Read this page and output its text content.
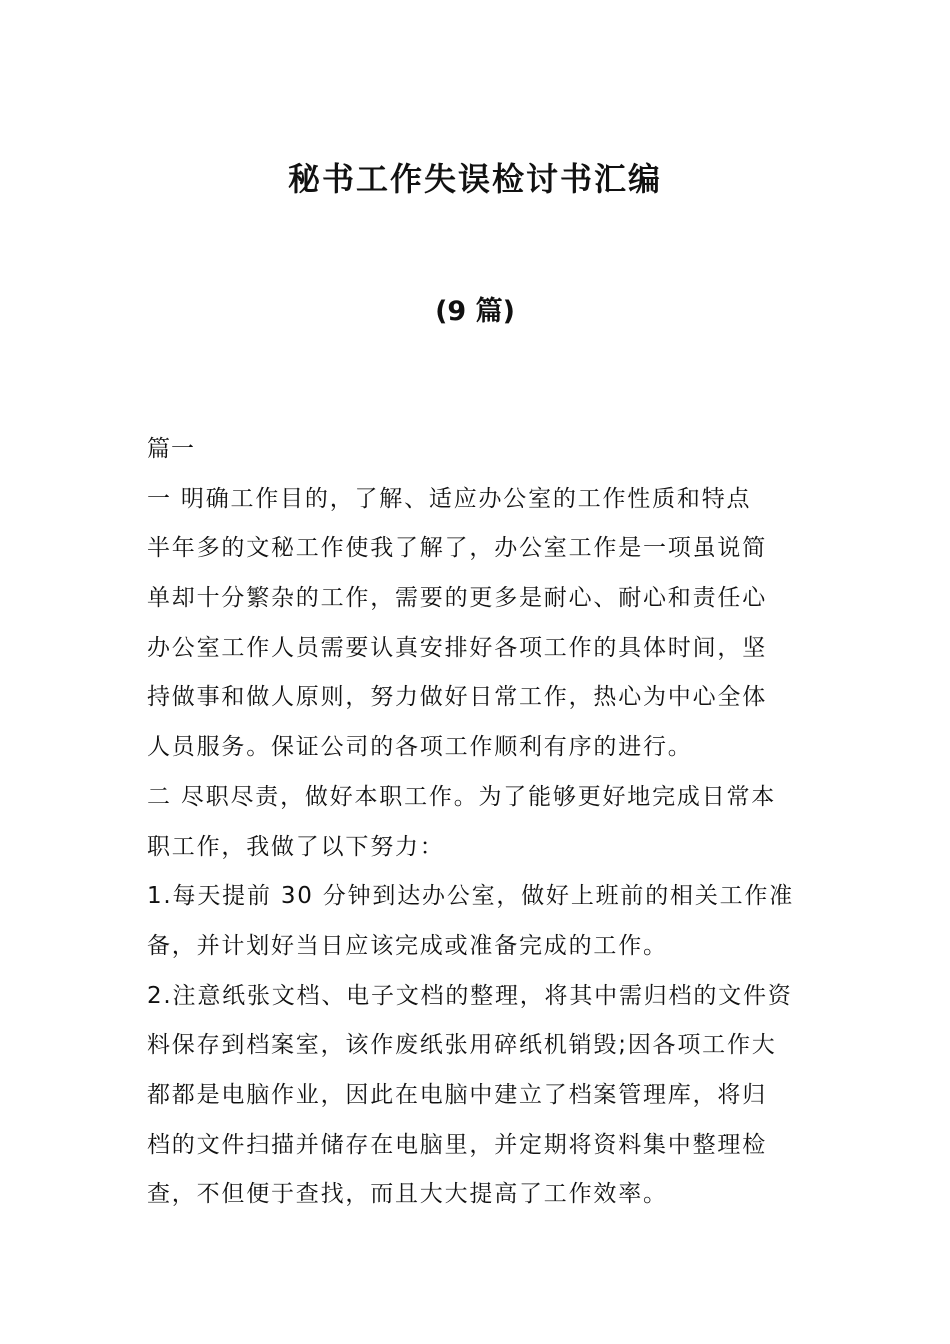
秘书工作失误检讨书汇编
(9 篇)

篇一

一 明确工作目的，了解、适应办公室的工作性质和特点

半年多的文秘工作使我了解了，办公室工作是一项虽说简

单却十分繁杂的工作，需要的更多是耐心、耐心和责任心

办公室工作人员需要认真安排好各项工作的具体时间，坚

持做事和做人原则，努力做好日常工作，热心为中心全体

人员服务。保证公司的各项工作顺利有序的进行。

二 尽职尽责，做好本职工作。为了能够更好地完成日常本

职工作，我做了以下努力：

1.每天提前 30 分钟到达办公室，做好上班前的相关工作准

备，并计划好当日应该完成或准备完成的工作。

2.注意纸张文档、电子文档的整理，将其中需归档的文件资

料保存到档案室，该作废纸张用碎纸机销毁;因各项工作大

都都是电脑作业，因此在电脑中建立了档案管理库，将归

档的文件扫描并储存在电脑里，并定期将资料集中整理检

查，不但便于查找，而且大大提高了工作效率。
